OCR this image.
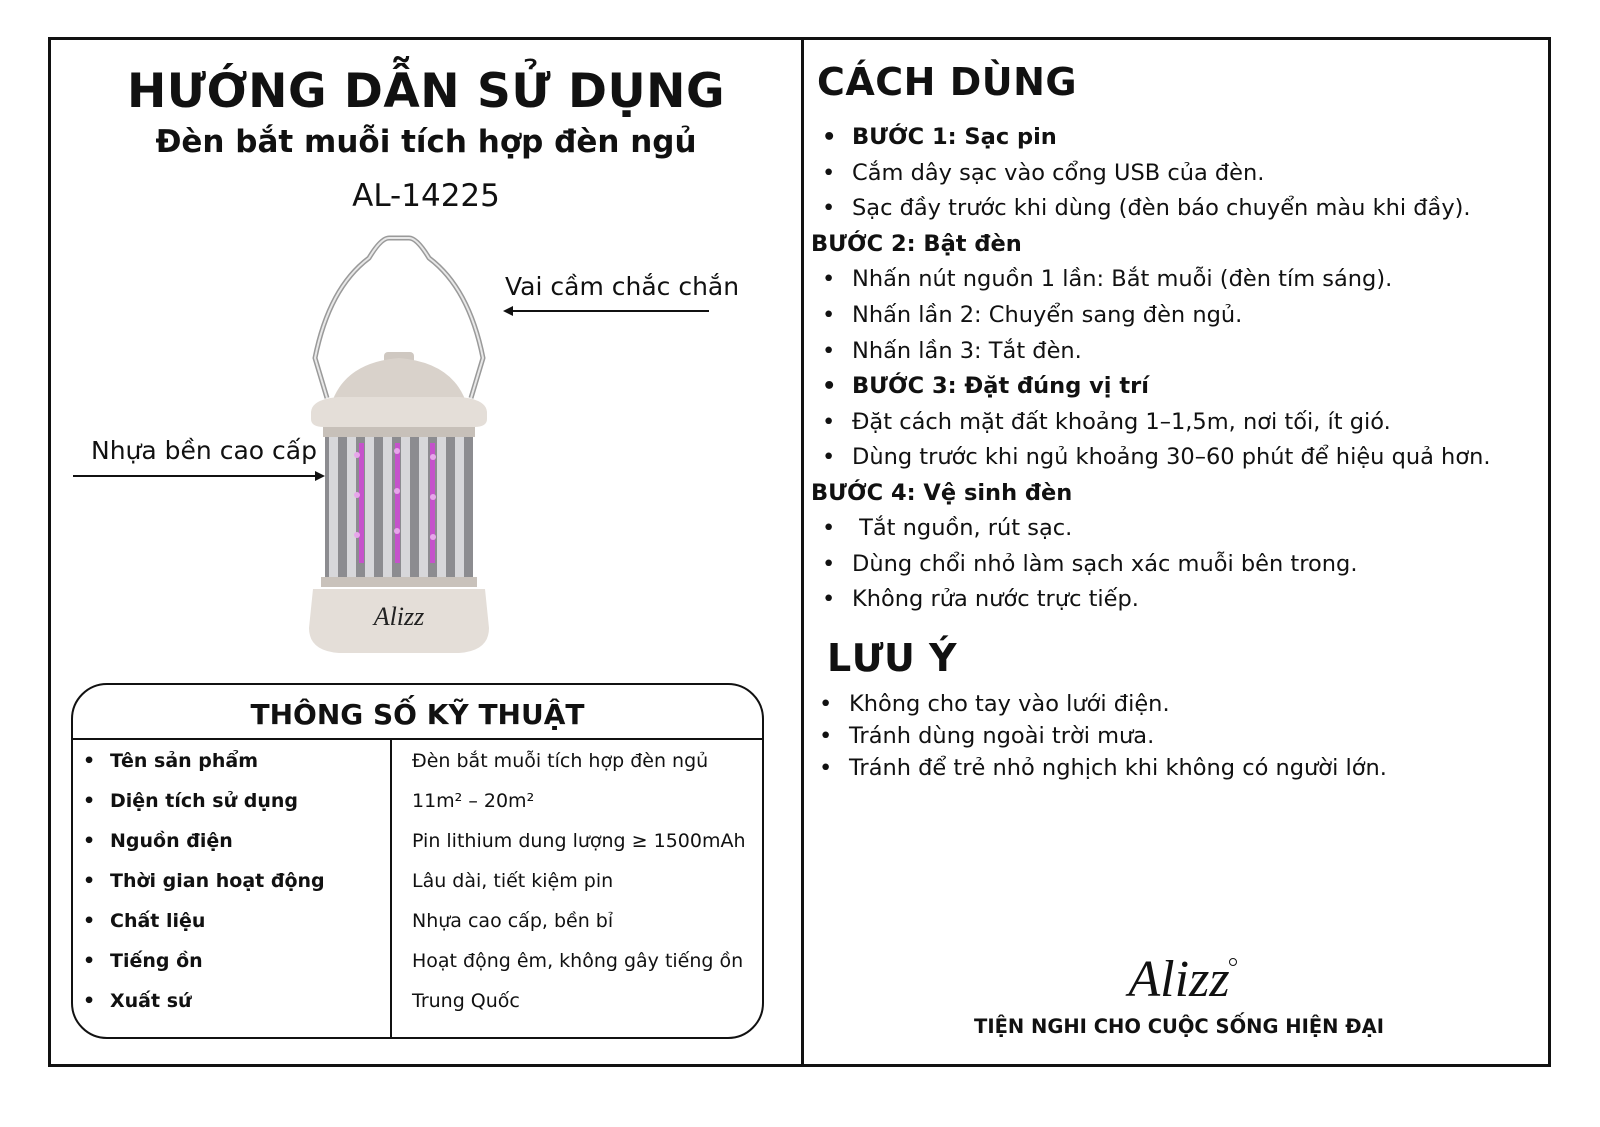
HƯỚNG DẪN SỬ DỤNG
Đèn bắt muỗi tích hợp đèn ngủ
AL-14225
Alizz
Vai cầm chắc chắn
Nhựa bền cao cấp
THÔNG SỐ KỸ THUẬT
• Tên sản phẩm	Đèn bắt muỗi tích hợp đèn ngủ
• Diện tích sử dụng	11m² – 20m²
• Nguồn điện	Pin lithium dung lượng ≥ 1500mAh
• Thời gian hoạt động	Lâu dài, tiết kiệm pin
• Chất liệu	Nhựa cao cấp, bền bỉ
• Tiếng ồn	Hoạt động êm, không gây tiếng ồn
• Xuất sứ	Trung Quốc
CÁCH DÙNG
• BƯỚC 1: Sạc pin
• Cắm dây sạc vào cổng USB của đèn.
• Sạc đầy trước khi dùng (đèn báo chuyển màu khi đầy).
BƯỚC 2: Bật đèn
• Nhấn nút nguồn 1 lần: Bắt muỗi (đèn tím sáng).
• Nhấn lần 2: Chuyển sang đèn ngủ.
• Nhấn lần 3: Tắt đèn.
• BƯỚC 3: Đặt đúng vị trí
• Đặt cách mặt đất khoảng 1–1,5m, nơi tối, ít gió.
• Dùng trước khi ngủ khoảng 30–60 phút để hiệu quả hơn.
BƯỚC 4: Vệ sinh đèn
•  Tắt nguồn, rút sạc.
• Dùng chổi nhỏ làm sạch xác muỗi bên trong.
• Không rửa nước trực tiếp.
LƯU Ý
• Không cho tay vào lưới điện.
• Tránh dùng ngoài trời mưa.
• Tránh để trẻ nhỏ nghịch khi không có người lớn.
Alizz
TIỆN NGHI CHO CUỘC SỐNG HIỆN ĐẠI
